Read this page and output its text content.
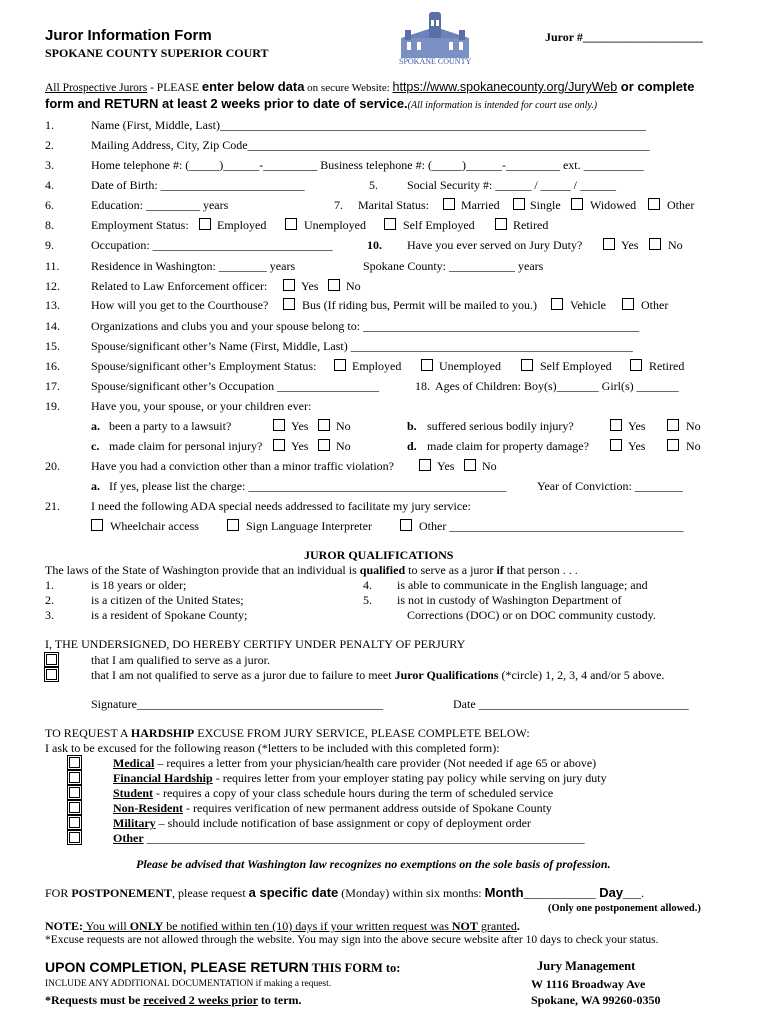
Juror Information Form
SPOKANE COUNTY SUPERIOR COURT
Juror #____________________
SPOKANE COUNTY
All Prospective Jurors - PLEASE enter below data on secure Website: https://www.spokanecounty.org/JuryWeb or complete
form and RETURN at least 2 weeks prior to date of service.(All information is intended for court use only.)
1.	Name (First, Middle, Last)_______________________________________________________________________
2.	Mailing Address, City, Zip Code___________________________________________________________________
3.	Home telephone #: (_____)______-_________ Business telephone #: (_____)______-_________ ext. __________
4.	Date of Birth: ________________________	5. Social Security #: ______ / _____ / ______
6.	Education: _________ years	7. Marital Status:	Married	Single Widowed	Other
8.	Employment Status: Employed	Unemployed	Self Employed	Retired
9.	Occupation: ______________________________	10. Have you ever served on Jury Duty?	Yes No
11.	Residence in Washington: ________ years	Spokane County: ___________ years
12.	Related to Law Enforcement officer:	Yes No
13.	How will you get to the Courthouse?	Bus (If riding bus, Permit will be mailed to you.)	Vehicle	Other
14.	Organizations and clubs you and your spouse belong to: ______________________________________________
15.	Spouse/significant other’s Name (First, Middle, Last) _______________________________________________
16.	Spouse/significant other’s Employment Status:	Employed	Unemployed	Self Employed	Retired
17.	Spouse/significant other’s Occupation _________________	18. Ages of Children: Boy(s)_______ Girl(s) _______
19.	Have you, your spouse, or your children ever:
a. been a party to a lawsuit?	Yes No	b. suffered serious bodily injury?	Yes	No
c. made claim for personal injury? Yes No	d. made claim for property damage?	Yes	No
20.	Have you had a conviction other than a minor traffic violation?	Yes No
a. If yes, please list the charge: ___________________________________________	Year of Conviction: ________
21.	I need the following ADA special needs addressed to facilitate my jury service:
Wheelchair access	Sign Language Interpreter	Other _______________________________________
JUROR QUALIFICATIONS
The laws of the State of Washington provide that an individual is qualified to serve as a juror if that person . . .
1.	is 18 years or older;
2.	is a citizen of the United States;
3.	is a resident of Spokane County;
4. is able to communicate in the English language; and
5. is not in custody of Washington Department of
Corrections (DOC) or on DOC community custody.
I, THE UNDERSIGNED, DO HEREBY CERTIFY UNDER PENALTY OF PERJURY
that I am qualified to serve as a juror.
that I am not qualified to serve as a juror due to failure to meet Juror Qualifications (*circle) 1, 2, 3, 4 and/or 5 above.
Signature_________________________________________	Date ___________________________________
TO REQUEST A HARDSHIP EXCUSE FROM JURY SERVICE, PLEASE COMPLETE BELOW:
I ask to be excused for the following reason (*letters to be included with this completed form):
Medical – requires a letter from your physician/health care provider (Not needed if age 65 or above)
Financial Hardship - requires letter from your employer stating pay policy while serving on jury duty
Student - requires a copy of your class schedule hours during the term of scheduled service
Non-Resident - requires verification of new permanent address outside of Spokane County
Military – should include notification of base assignment or copy of deployment order
Other _________________________________________________________________________
Please be advised that Washington law recognizes no exemptions on the sole basis of profession.
FOR POSTPONEMENT, please request a specific date (Monday) within six months: Month____________ Day___.
(Only one postponement allowed.)
NOTE: You will ONLY be notified within ten (10) days if your written request was NOT granted.
*Excuse requests are not allowed through the website. You may sign into the above secure website after 10 days to check your status.
UPON COMPLETION, PLEASE RETURN THIS FORM to:
INCLUDE ANY ADDITIONAL DOCUMENTATION if making a request.
*Requests must be received 2 weeks prior to term.
Jury Management
W 1116 Broadway Ave
Spokane, WA 99260-0350
